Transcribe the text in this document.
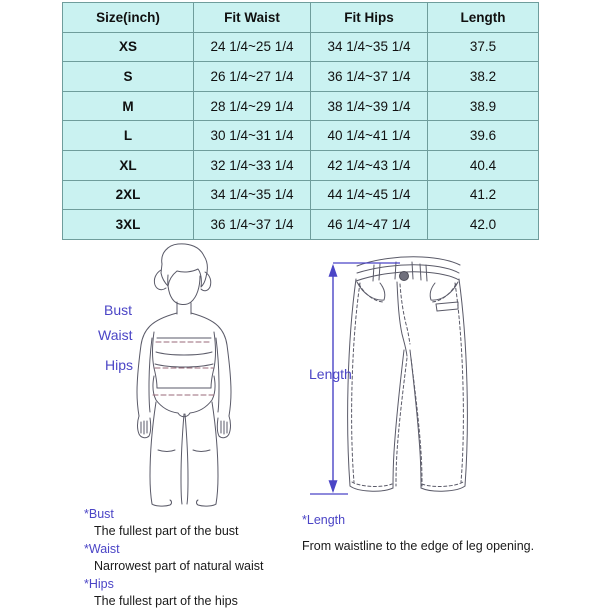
Size(inch)	Fit Waist	Fit Hips	Length
XS	24 1/4~25 1/4	34 1/4~35 1/4	37.5
S	26 1/4~27 1/4	36 1/4~37 1/4	38.2
M	28 1/4~29 1/4	38 1/4~39 1/4	38.9
L	30 1/4~31 1/4	40 1/4~41 1/4	39.6
XL	32 1/4~33 1/4	42 1/4~43 1/4	40.4
2XL	34 1/4~35 1/4	44 1/4~45 1/4	41.2
3XL	36 1/4~37 1/4	46 1/4~47 1/4	42.0
Bust
Waist
Hips
Length

*Bust

The fullest part of the bust

*Waist

Narrowest part of natural waist

*Hips

The fullest part of the hips

*Length

From waistline to the edge of leg opening.
